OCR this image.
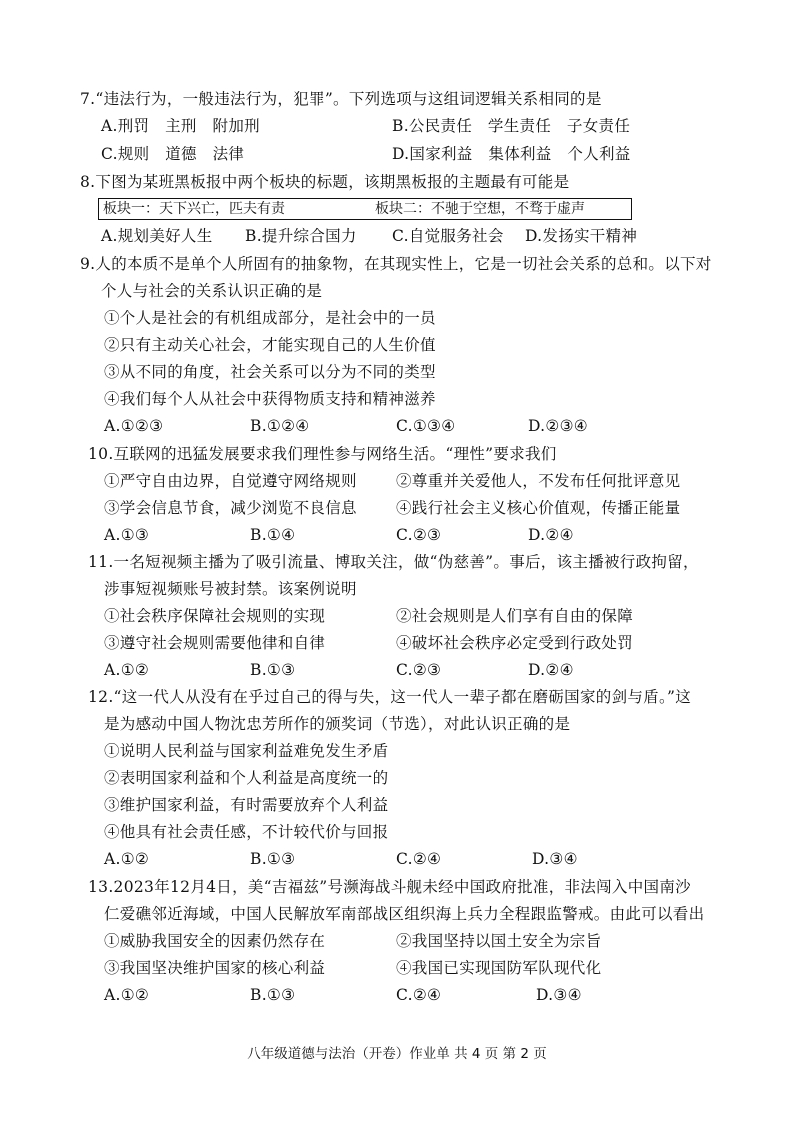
7.“违法行为，一般违法行为，犯罪”。下列选项与这组词逻辑关系相同的是
A.刑罚　主刑　附加刑	B.公民责任　学生责任　子女责任
C.规则　道德　法律	D.国家利益　集体利益　个人利益
8.下图为某班黑板报中两个板块的标题，该期黑板报的主题最有可能是
板块一：天下兴亡，匹夫有责	板块二：不驰于空想，不骛于虚声
A.规划美好人生 B.提升综合国力 C.自觉服务社会 D.发扬实干精神
9.人的本质不是单个人所固有的抽象物，在其现实性上，它是一切社会关系的总和。以下对
个人与社会的关系认识正确的是
①个人是社会的有机组成部分，是社会中的一员
②只有主动关心社会，才能实现自己的人生价值
③从不同的角度，社会关系可以分为不同的类型
④我们每个人从社会中获得物质支持和精神滋养
A.①②③	B.①②④	C.①③④	D.②③④
10.互联网的迅猛发展要求我们理性参与网络生活。“理性”要求我们
①严守自由边界，自觉遵守网络规则	②尊重并关爱他人，不发布任何批评意见
③学会信息节食，减少浏览不良信息	④践行社会主义核心价值观，传播正能量
A.①③	B.①④	C.②③	D.②④
11.一名短视频主播为了吸引流量、博取关注，做“伪慈善”。事后，该主播被行政拘留，
涉事短视频账号被封禁。该案例说明
①社会秩序保障社会规则的实现	②社会规则是人们享有自由的保障
③遵守社会规则需要他律和自律	④破坏社会秩序必定受到行政处罚
A.①②	B.①③	C.②③	D.②④
12.“这一代人从没有在乎过自己的得与失，这一代人一辈子都在磨砺国家的剑与盾。”这
是为感动中国人物沈忠芳所作的颁奖词（节选），对此认识正确的是
①说明人民利益与国家利益难免发生矛盾
②表明国家利益和个人利益是高度统一的
③维护国家利益，有时需要放弃个人利益
④他具有社会责任感，不计较代价与回报
A.①②	B.①③	C.②④	D.③④
13.2023年12月4日，美“吉福兹”号濒海战斗舰未经中国政府批准，非法闯入中国南沙
仁爱礁邻近海域，中国人民解放军南部战区组织海上兵力全程跟监警戒。由此可以看出
①威胁我国安全的因素仍然存在	②我国坚持以国土安全为宗旨
③我国坚决维护国家的核心利益	④我国已实现国防军队现代化
A.①②	B.①③	C.②④	D.③④
八年级道德与法治（开卷）作业单 共 4 页 第 2 页
